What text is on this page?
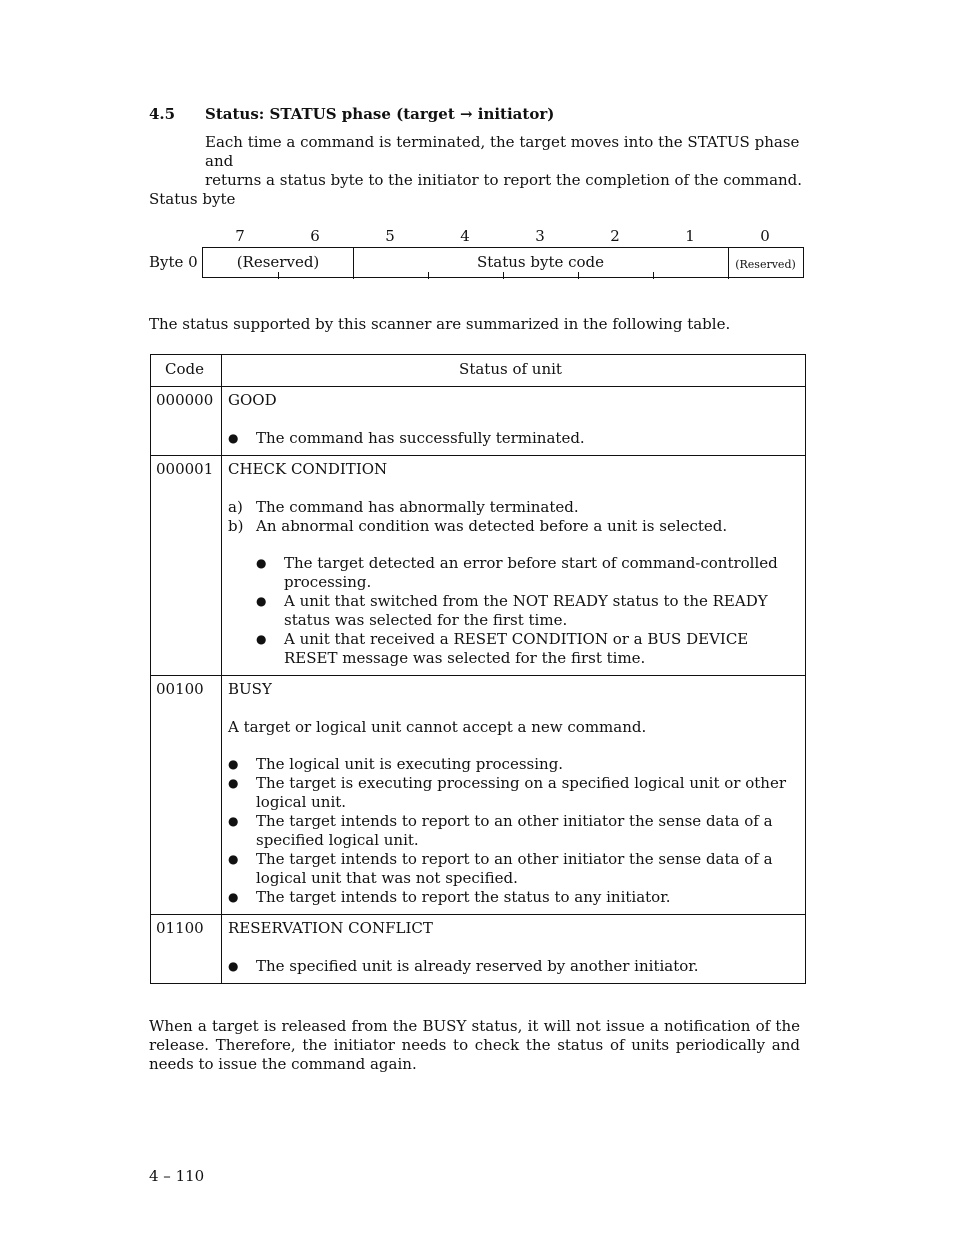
4.5 Status: STATUS phase (target → initiator)

Each time a command is terminated, the target moves into the STATUS phase and

returns a status byte to the initiator to report the completion of the command.

Status byte
7	6	5	4	3	2	1	0
Byte 0	(Reserved)	Status byte code	(Reserved)
The status supported by this scanner are summarized in the following table.
Code	Status of unit
000000 GOOD
● The command has successfully terminated.
000001 CHECK CONDITION
a) The command has abnormally terminated.
b) An abnormal condition was detected before a unit is selected.
● The target detected an error before start of command-controlled processing.
● A unit that switched from the NOT READY status to the READY status was selected for the first time.
● A unit that received a RESET CONDITION or a BUS DEVICE RESET message was selected for the first time.
00100	BUSY
A target or logical unit cannot accept a new command.
● The logical unit is executing processing.
● The target is executing processing on a specified logical unit or other logical unit.
● The target intends to report to an other initiator the sense data of a specified logical unit.
● The target intends to report to an other initiator the sense data of a logical unit that was not specified.
● The target intends to report the status to any initiator.
01100	RESERVATION CONFLICT
● The specified unit is already reserved by another initiator.
When a target is released from the BUSY status, it will not issue a notification of the release. Therefore, the initiator needs to check the status of units periodically and needs to issue the command again.
4 – 110
